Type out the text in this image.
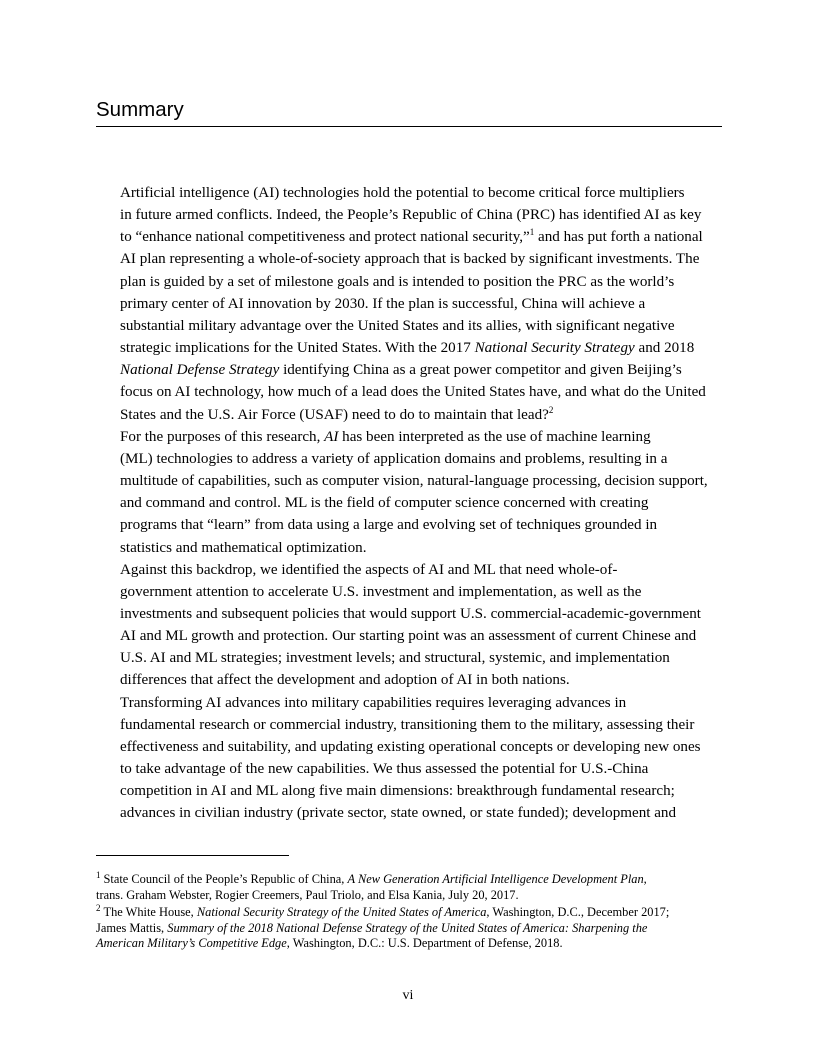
Summary

Artificial intelligence (AI) technologies hold the potential to become critical force multipliers
in future armed conflicts. Indeed, the People’s Republic of China (PRC) has identified AI as key
to “enhance national competitiveness and protect national security,”$^1$ and has put forth a national
AI plan representing a whole-of-society approach that is backed by significant investments. The
plan is guided by a set of milestone goals and is intended to position the PRC as the world’s
primary center of AI innovation by 2030. If the plan is successful, China will achieve a
substantial military advantage over the United States and its allies, with significant negative
strategic implications for the United States. With the 2017 National Security Strategy and 2018
National Defense Strategy identifying China as a great power competitor and given Beijing’s
focus on AI technology, how much of a lead does the United States have, and what do the United
States and the U.S. Air Force (USAF) need to do to maintain that lead?$^2$

For the purposes of this research, AI has been interpreted as the use of machine learning
(ML) technologies to address a variety of application domains and problems, resulting in a
multitude of capabilities, such as computer vision, natural-language processing, decision support,
and command and control. ML is the field of computer science concerned with creating
programs that “learn” from data using a large and evolving set of techniques grounded in
statistics and mathematical optimization.

Against this backdrop, we identified the aspects of AI and ML that need whole-of-
government attention to accelerate U.S. investment and implementation, as well as the
investments and subsequent policies that would support U.S. commercial-academic-government
AI and ML growth and protection. Our starting point was an assessment of current Chinese and
U.S. AI and ML strategies; investment levels; and structural, systemic, and implementation
differences that affect the development and adoption of AI in both nations.

Transforming AI advances into military capabilities requires leveraging advances in
fundamental research or commercial industry, transitioning them to the military, assessing their
effectiveness and suitability, and updating existing operational concepts or developing new ones
to take advantage of the new capabilities. We thus assessed the potential for U.S.-China
competition in AI and ML along five main dimensions: breakthrough fundamental research;
advances in civilian industry (private sector, state owned, or state funded); development and

$^1$ State Council of the People’s Republic of China, A New Generation Artificial Intelligence Development Plan,
trans. Graham Webster, Rogier Creemers, Paul Triolo, and Elsa Kania, July 20, 2017.
$^2$ The White House, National Security Strategy of the United States of America, Washington, D.C., December 2017;
James Mattis, Summary of the 2018 National Defense Strategy of the United States of America: Sharpening the
American Military’s Competitive Edge, Washington, D.C.: U.S. Department of Defense, 2018.
vi
